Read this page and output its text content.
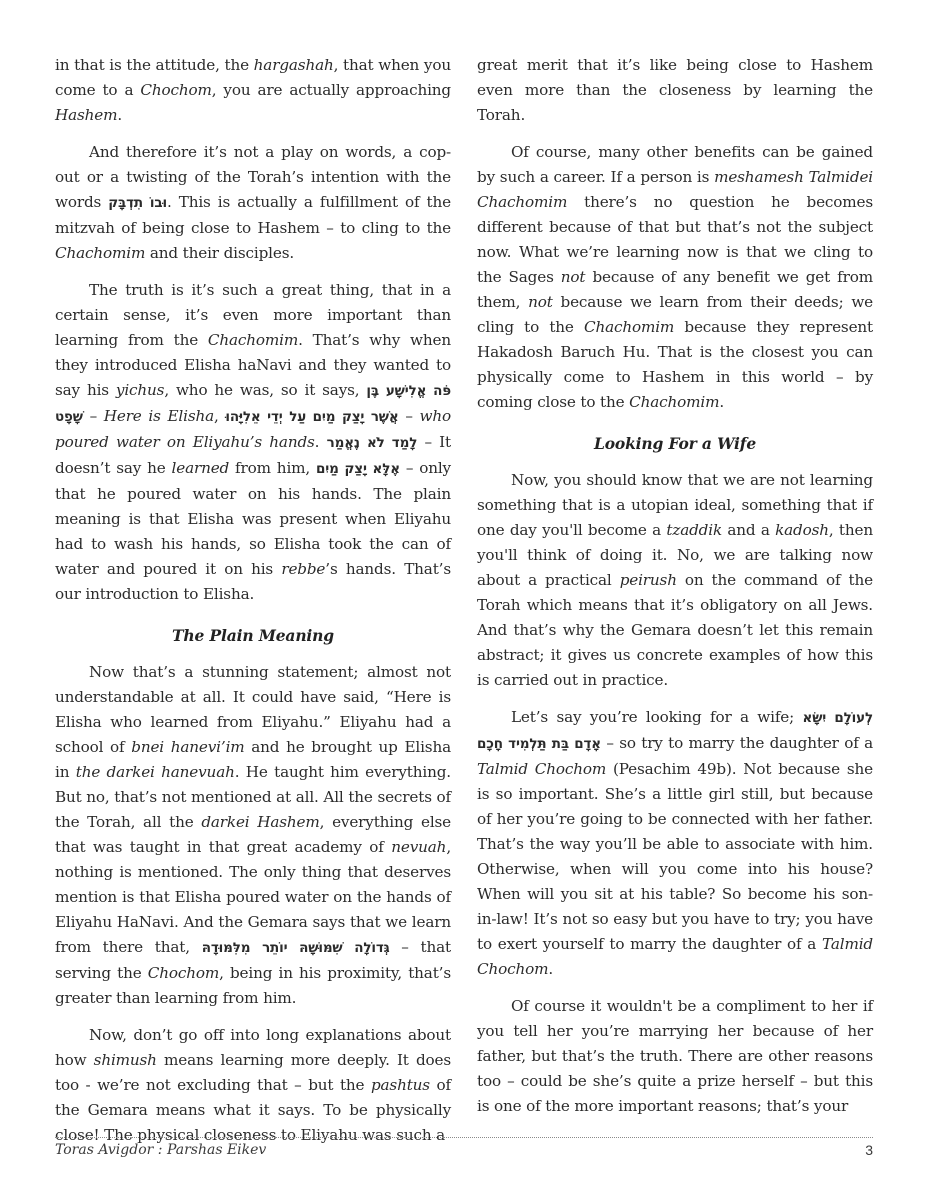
in that is the attitude, the hargashah, that when you come to a Chochom, you are actually approaching Hashem.

And therefore it’s not a play on words, a cop-out or a twisting of the Torah’s intention with the words וּבוֹ תִדְבָּק. This is actually a fulfillment of the mitzvah of being close to Hashem – to cling to the Chachomim and their disciples.

The truth is it’s such a great thing, that in a certain sense, it’s even more important than learning from the Chachomim. That’s why when they introduced Elisha haNavi and they wanted to say his yichus, who he was, so it says, פֹּה אֱלִישָׁע בֶּן שָׁפָט – Here is Elisha, אֲשֶׁר יָצַק מַיִם עַל יְדֵי אֵלִיָּהוּ – who poured water on Eliyahu’s hands. לָמַד לֹא נֶאֱמַר – It doesn’t say he learned from him, אֶלָּא יָצַק מַיִם – only that he poured water on his hands. The plain meaning is that Elisha was present when Eliyahu had to wash his hands, so Elisha took the can of water and poured it on his rebbe’s hands. That’s our introduction to Elisha.

The Plain Meaning

Now that’s a stunning statement; almost not understandable at all. It could have said, “Here is Elisha who learned from Eliyahu.” Eliyahu had a school of bnei hanevi’im and he brought up Elisha in the darkei hanevuah. He taught him everything. But no, that’s not mentioned at all. All the secrets of the Torah, all the darkei Hashem, everything else that was taught in that great academy of nevuah, nothing is mentioned. The only thing that deserves mention is that Elisha poured water on the hands of Eliyahu HaNavi. And the Gemara says that we learn from there that, גְּדוֹלָה שִׁמּוּשָׁהּ יוֹתֵר מִלִּמּוּדָהּ – that serving the Chochom, being in his proximity, that’s greater than learning from him.

Now, don’t go off into long explanations about how shimush means learning more deeply. It does too - we’re not excluding that – but the pashtus of the Gemara means what it says. To be physically close! The physical closeness to Eliyahu was such a

great merit that it’s like being close to Hashem even more than the closeness by learning the Torah.

Of course, many other benefits can be gained by such a career. If a person is meshamesh Talmidei Chachomim there’s no question he becomes different because of that but that’s not the subject now. What we’re learning now is that we cling to the Sages not because of any benefit we get from them, not because we learn from their deeds; we cling to the Chachomim because they represent Hakadosh Baruch Hu. That is the closest you can physically come to Hashem in this world – by coming close to the Chachomim.

Looking For a Wife

Now, you should know that we are not learning something that is a utopian ideal, something that if one day you'll become a tzaddik and a kadosh, then you'll think of doing it. No, we are talking now about a practical peirush on the command of the Torah which means that it’s obligatory on all Jews. And that’s why the Gemara doesn’t let this remain abstract; it gives us concrete examples of how this is carried out in practice.

Let’s say you’re looking for a wife; לְעוֹלָם יִשָּׂא אָדָם בַּת תַּלְמִיד חָכָם – so try to marry the daughter of a Talmid Chochom (Pesachim 49b). Not because she is so important. She’s a little girl still, but because of her you’re going to be connected with her father. That’s the way you’ll be able to associate with him. Otherwise, when will you come into his house? When will you sit at his table? So become his son-in-law! It’s not so easy but you have to try; you have to exert yourself to marry the daughter of a Talmid Chochom.

Of course it wouldn't be a compliment to her if you tell her you’re marrying her because of her father, but that’s the truth. There are other reasons too – could be she’s quite a prize herself – but this is one of the more important reasons; that’s your

Toras Avigdor : Parshas Eikev	3
